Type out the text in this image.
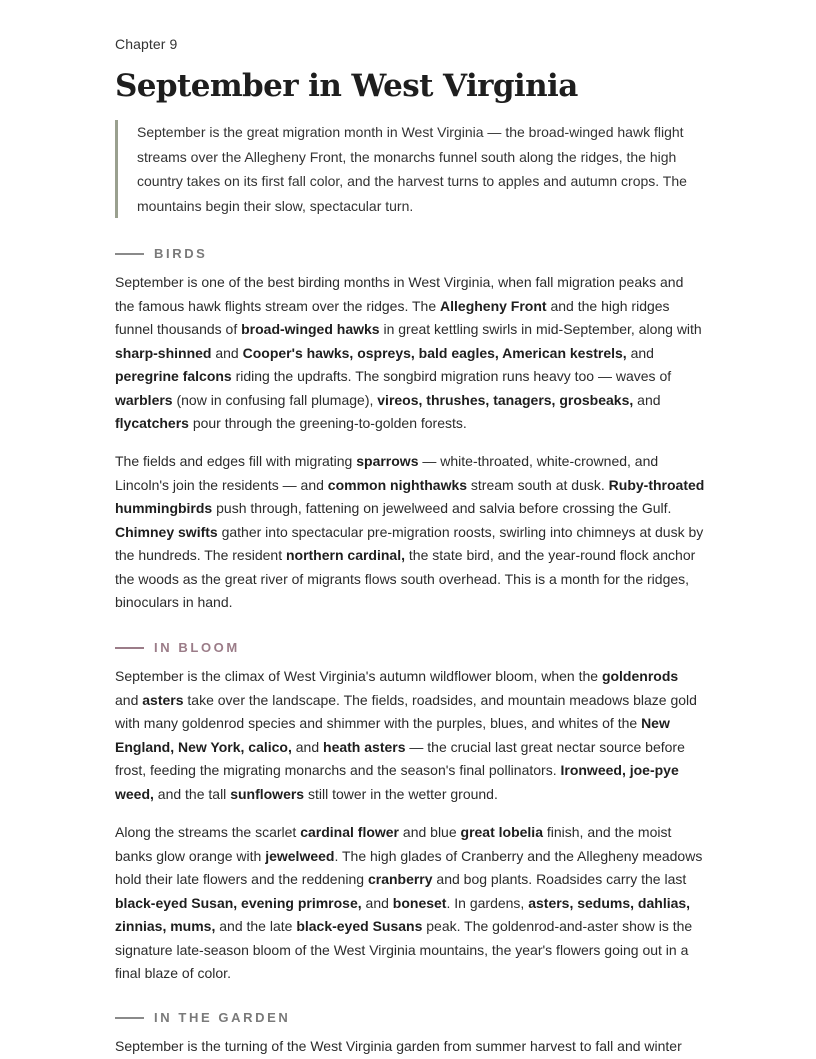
Chapter 9
September in West Virginia
September is the great migration month in West Virginia — the broad-winged hawk flight streams over the Allegheny Front, the monarchs funnel south along the ridges, the high country takes on its first fall color, and the harvest turns to apples and autumn crops. The mountains begin their slow, spectacular turn.
BIRDS

September is one of the best birding months in West Virginia, when fall migration peaks and the famous hawk flights stream over the ridges. The Allegheny Front and the high ridges funnel thousands of broad-winged hawks in great kettling swirls in mid-September, along with sharp-shinned and Cooper's hawks, ospreys, bald eagles, American kestrels, and peregrine falcons riding the updrafts. The songbird migration runs heavy too — waves of warblers (now in confusing fall plumage), vireos, thrushes, tanagers, grosbeaks, and flycatchers pour through the greening-to-golden forests.

The fields and edges fill with migrating sparrows — white-throated, white-crowned, and Lincoln's join the residents — and common nighthawks stream south at dusk. Ruby-throated hummingbirds push through, fattening on jewelweed and salvia before crossing the Gulf. Chimney swifts gather into spectacular pre-migration roosts, swirling into chimneys at dusk by the hundreds. The resident northern cardinal, the state bird, and the year-round flock anchor the woods as the great river of migrants flows south overhead. This is a month for the ridges, binoculars in hand.

IN BLOOM

September is the climax of West Virginia's autumn wildflower bloom, when the goldenrods and asters take over the landscape. The fields, roadsides, and mountain meadows blaze gold with many goldenrod species and shimmer with the purples, blues, and whites of the New England, New York, calico, and heath asters — the crucial last great nectar source before frost, feeding the migrating monarchs and the season's final pollinators. Ironweed, joe-pye weed, and the tall sunflowers still tower in the wetter ground.

Along the streams the scarlet cardinal flower and blue great lobelia finish, and the moist banks glow orange with jewelweed. The high glades of Cranberry and the Allegheny meadows hold their late flowers and the reddening cranberry and bog plants. Roadsides carry the last black-eyed Susan, evening primrose, and boneset. In gardens, asters, sedums, dahlias, zinnias, mums, and the late black-eyed Susans peak. The goldenrod-and-aster show is the signature late-season bloom of the West Virginia mountains, the year's flowers going out in a final blaze of color.

IN THE GARDEN

September is the turning of the West Virginia garden from summer harvest to fall and winter
